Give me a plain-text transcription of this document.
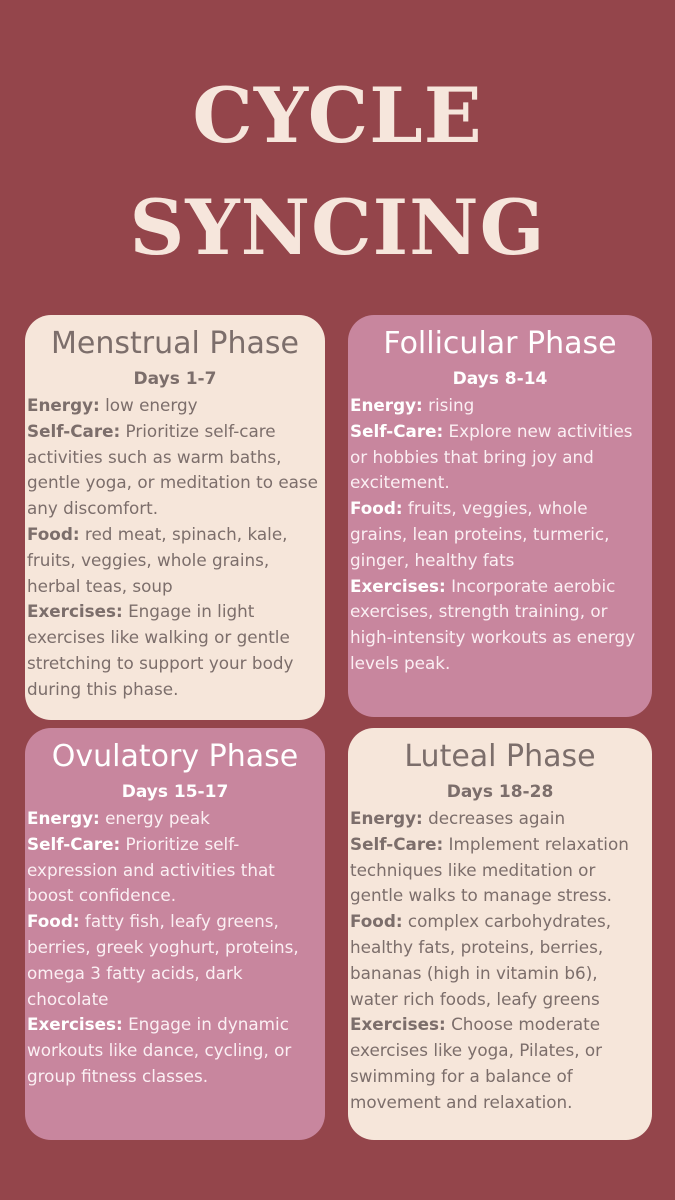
CYCLE
SYNCING
Menstrual Phase
Days 1-7

Energy: low energy

Self-Care: Prioritize self-care activities such as warm baths, gentle yoga, or meditation to ease any discomfort.

Food: red meat, spinach, kale, fruits, veggies, whole grains, herbal teas, soup

Exercises: Engage in light exercises like walking or gentle stretching to support your body during this phase.

Follicular Phase
Days 8-14

Energy: rising

Self-Care: Explore new activities or hobbies that bring joy and excitement.

Food: fruits, veggies, whole grains, lean proteins, turmeric, ginger, healthy fats

Exercises: Incorporate aerobic exercises, strength training, or high-intensity workouts as energy levels peak.

Ovulatory Phase
Days 15-17

Energy: energy peak

Self-Care: Prioritize self-expression and activities that boost confidence.

Food: fatty fish, leafy greens, berries, greek yoghurt, proteins, omega 3 fatty acids, dark chocolate

Exercises: Engage in dynamic workouts like dance, cycling, or group fitness classes.

Luteal Phase
Days 18-28

Energy: decreases again

Self-Care: Implement relaxation techniques like meditation or gentle walks to manage stress.

Food: complex carbohydrates, healthy fats, proteins, berries, bananas (high in vitamin b6), water rich foods, leafy greens

Exercises: Choose moderate exercises like yoga, Pilates, or swimming for a balance of movement and relaxation.
